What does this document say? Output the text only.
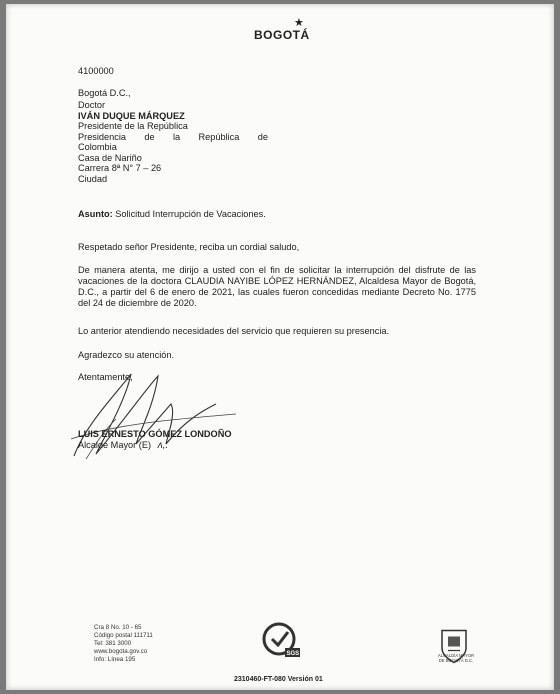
BOGOTÁ
★
4100000
Bogotá D.C.,
Doctor
IVÁN DUQUE MÁRQUEZ
Presidente de la República
Presidencia de la República de
Colombia
Casa de Nariño
Carrera 8ª N° 7 – 26
Ciudad
Asunto: Solicitud Interrupción de Vacaciones.
Respetado señor Presidente, reciba un cordial saludo,
De manera atenta, me dirijo a usted con el fin de solicitar la interrupción del disfrute de las vacaciones de la doctora CLAUDIA NAYIBE LÓPEZ HERNÁNDEZ, Alcaldesa Mayor de Bogotá, D.C., a partir del 6 de enero de 2021, las cuales fueron concedidas mediante Decreto No. 1775 del 24 de diciembre de 2020.
Lo anterior atendiendo necesidades del servicio que requieren su presencia.
Agradezco su atención.
Atentamente,
LUIS ERNESTO GÓMEZ LONDOÑO
Alcalde Mayor (E) ᴧ,.
Cra 8 No. 10 - 65
Código postal 111711
Tel: 381 3000
www.bogota.gov.co
Info: Línea 195
SGS	ALCALDÍA MAYOR
DE BOGOTÁ D.C.
2310460-FT-080 Versión 01
